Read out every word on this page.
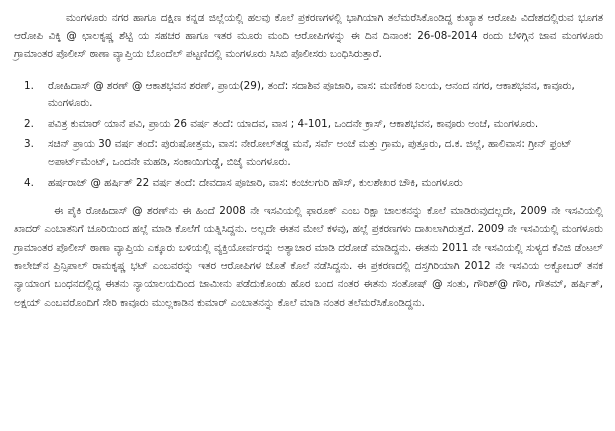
ಮಂಗಳೂರು ನಗರ ಹಾಗೂ ದಕ್ಷಿಣ ಕನ್ನಡ ಜಿಲ್ಲೆಯಲ್ಲಿ ಹಲವು ಕೊಲೆ ಪ್ರಕರಣಗಳಲ್ಲಿ ಭಾಗಿಯಾಗಿ ತಲೆಮರೆಸಿಕೊಂಡಿದ್ದ ಕುಖ್ಯಾತ ಆರೋಪಿ ವಿದೇಶದಲ್ಲಿರುವ ಭೂಗತ ಆರೋಪಿ ವಿಕ್ಕಿ @ ಛಾಲಕೃಷ್ಣ ಶೆಟ್ಟಿ ಯ ಸಹಚರ ಹಾಗೂ ಇತರ ಮೂರು ಮಂದಿ ಆರೋಪಿಗಳನ್ನು ಈ ದಿನ ದಿನಾಂಕ: 26-08-2014 ರಂದು ಬೆಳಿಗ್ಗಿನ ಜಾವ ಮಂಗಳೂರು ಗ್ರಾಮಾಂತರ ಪೊಲೀಸ್ ಠಾಣಾ ವ್ಯಾಪ್ತಿಯ ಬೊಂದೆಲ್ ಪಟ್ಟಣಿದಲ್ಲಿ ಮಂಗಳೂರು ಸಿಸಿಬಿ ಪೊಲೀಸರು ಬಂಧಿಸಿರುತ್ತಾರೆ.

1.	ರೋಹಿದಾಸ್ @ ಶರಣ್ @ ಆಕಾಶಭವನ ಶರಣ್, ಪ್ರಾಯ(29), ತಂದೆ: ಸದಾಶಿವ ಪೂಜಾರಿ, ವಾಸ: ಮಣಿಕಂಠ ನಿಲಯ, ಆನಂದ ನಗರ, ಆಕಾಶಭವನ, ಕಾವೂರು, ಮಂಗಳೂರು.
2.	ಪವಿತ್ರ ಕುಮಾರ್ ಯಾನೆ ಪವಿ, ಪ್ರಾಯ 26 ವರ್ಷ ತಂದೆ: ಯಾದವ, ವಾಸ ; 4-101, ಒಂದನೇ ಕ್ರಾಸ್, ಆಕಾಶಭವನ, ಕಾವೂರು ಅಂಚೆ, ಮಂಗಳೂರು.
3.	ಸಚಿನ್ ಪ್ರಾಯ 30 ವರ್ಷ ತಂದೆ: ಪುರುಷೋತ್ತಮ, ವಾಸ: ನೇರೋಲ್‌ತಡ್ಡ ಮನೆ, ಸರ್ವೆ ಅಂಚೆ ಮತ್ತು ಗ್ರಾಮ, ಪುತ್ತೂರು, ದ.ಕ. ಜಿಲ್ಲೆ, ಹಾಲಿವಾಸ: ಗ್ರೀನ್ ಫ್ರಂಟ್ ಅಪಾರ್ಟ್‌ಮೆಂಟ್, ಒಂದನೇ ಮಹಡಿ, ಸಂಕಾಯಿಗುಡ್ಡೆ, ಬಿಜೈ ಮಂಗಳೂರು.
4.	ಹರ್ಷರಾಜ್ @ ಹರ್ಷಿತ್ 22 ವರ್ಷ ತಂದೆ: ದೇವದಾಸ ಪೂಜಾರಿ, ವಾಸ: ಕಂಚಲಗುರಿ ಹೌಸ್, ಕುಲಶೇಖರ ಚೌಕಿ, ಮಂಗಳೂರು

ಈ ಪೈಕಿ ರೋಹಿದಾಸ್ @ ಶರಣ್‌ನು ಈ ಹಿಂದೆ 2008 ನೇ ಇಸವಿಯಲ್ಲಿ ಫಾರೂಕ್ ಎಂಬ ರಿಕ್ಷಾ ಚಾಲಕನನ್ನು ಕೊಲೆ ಮಾಡಿರುವುದಲ್ಲದೇ, 2009 ನೇ ಇಸವಿಯಲ್ಲಿ ಖಾದರ್ ಎಂಬಾತನಿಗೆ ಚೂರಿಯಿಂದ ಹಲ್ಲೆ ಮಾಡಿ ಕೊಲೆಗೆ ಯತ್ನಿಸಿದ್ದನು. ಅಲ್ಲದೇ ಈತನ ಮೇಲೆ ಕಳವು, ಹಲ್ಲೆ ಪ್ರಕರಣಗಳು ದಾಖಲಾಗಿರುತ್ತದೆ. 2009 ನೇ ಇಸವಿಯಲ್ಲಿ ಮಂಗಳೂರು ಗ್ರಾಮಾಂತರ ಪೊಲೀಸ್ ಠಾಣಾ ವ್ಯಾಪ್ತಿಯ ಎಕ್ಕೂರು ಬಳಿಯಲ್ಲಿ ವ್ಯಕ್ತಿಯೋರ್ವರನ್ನು ಅತ್ಯಾಚಾರ ಮಾಡಿ ದರೋಡೆ ಮಾಡಿದ್ದನು. ಈತನು 2011 ನೇ ಇಸವಿಯಲ್ಲಿ ಸುಳ್ಯದ ಕೆವಿಜಿ ಡೆಂಟಲ್ ಕಾಲೇಜ್‌ನ ಪ್ರಿನ್ಸಿಪಾಲ್ ರಾಮಕೃಷ್ಣ ಭಟ್ ಎಂಬವರನ್ನು ಇತರ ಆರೋಪಿಗಳ ಜೊತೆ ಕೊಲೆ ನಡೆಸಿದ್ದನು. ಈ ಪ್ರಕರಣದಲ್ಲಿ ದಸ್ತಗಿರಿಯಾಗಿ 2012 ನೇ ಇಸವಿಯ ಅಕ್ಟೋಬರ್ ತನಕ ನ್ಯಾಯಾಂಗ ಬಂಧನದಲ್ಲಿದ್ದ ಈತನು ನ್ಯಾಯಾಲಯದಿಂದ ಜಾಮೀನು ಪಡೆದುಕೊಂಡು ಹೊರ ಬಂದ ನಂತರ ಈತನು ಸಂತೋಷ್ @ ಸಂತು, ಗೌರಿಶ್@ ಗೌರಿ, ಗೌತಮ್, ಹರ್ಷಿತ್, ಅಕ್ಷಯ್ ಎಂಬವರೊಂದಿಗೆ ಸೇರಿ ಕಾವೂರು ಮುಲ್ಲಕಾಡಿನ ಕುಮಾರ್ ಎಂಬಾತನನ್ನು ಕೊಲೆ ಮಾಡಿ ನಂತರ ತಲೆಮರೆಸಿಕೊಂಡಿದ್ದನು.
